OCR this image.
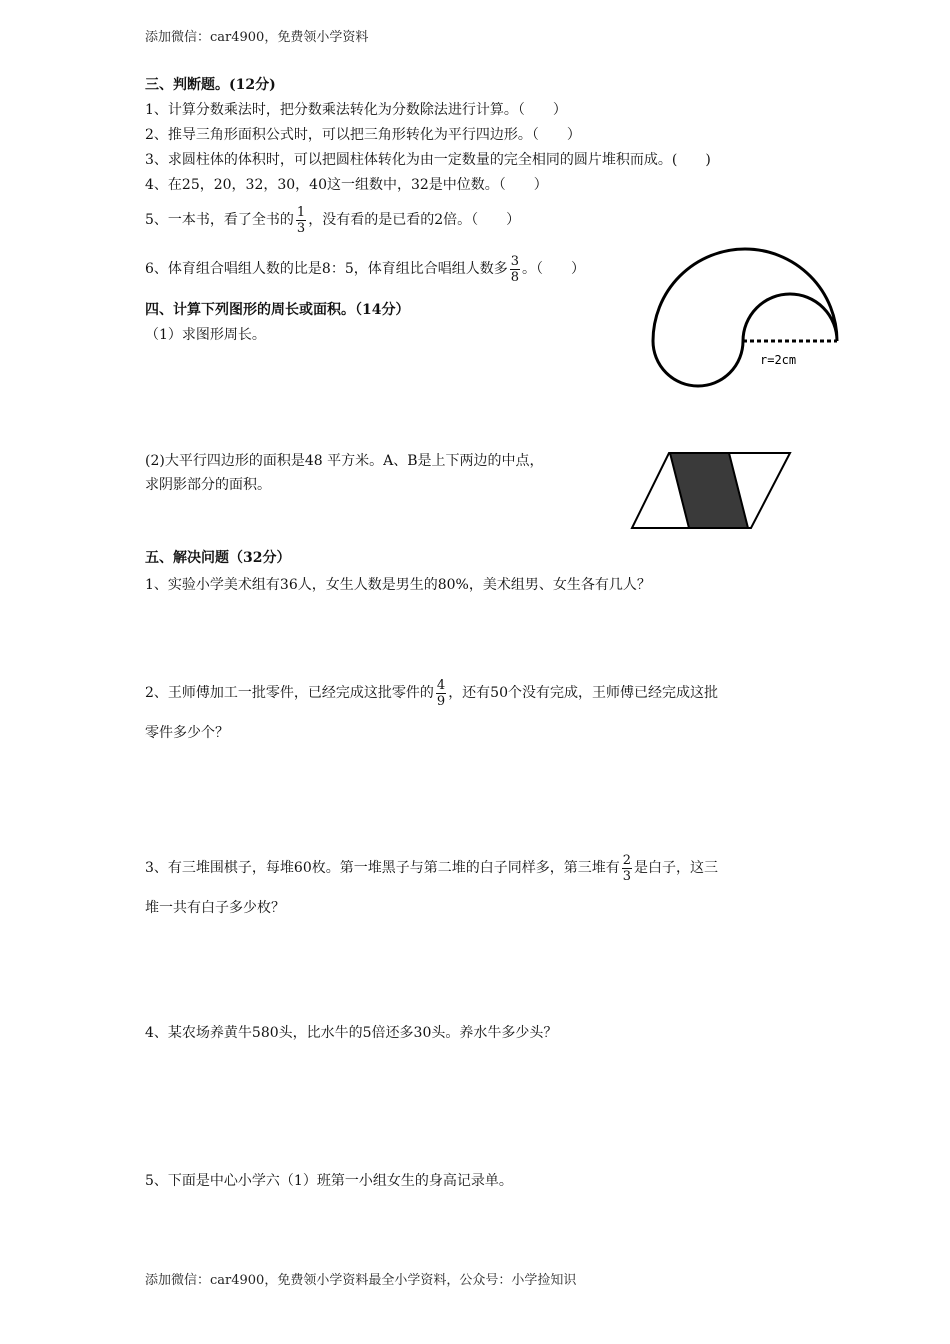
添加微信：car4900，免费领小学资料
三、判断题。(12分)
1、计算分数乘法时，把分数乘法转化为分数除法进行计算。（　　）
2、推导三角形面积公式时，可以把三角形转化为平行四边形。（　　）
3、求圆柱体的体积时，可以把圆柱体转化为由一定数量的完全相同的圆片堆积而成。(　　)
4、在25，20，32，30，40这一组数中，32是中位数。（　　）
5、一本书，看了全书的 $\frac{1}{3}$ ，没有看的是已看的2倍。（　　）
6、体育组合唱组人数的比是8：5，体育组比合唱组人数多 $\frac{3}{8}$ 。（　　）
四、计算下列图形的周长或面积。（14分）
（1）求图形周长。
r=2cm
(2)大平行四边形的面积是48 平方米。A、B是上下两边的中点，
求阴影部分的面积。
五、解决问题（32分）
1、实验小学美术组有36人，女生人数是男生的80%，美术组男、女生各有几人？
2、王师傅加工一批零件，已经完成这批零件的 $\frac{4}{9}$ ，还有50个没有完成，王师傅已经完成这批
零件多少个？
3、有三堆围棋子，每堆60枚。第一堆黑子与第二堆的白子同样多，第三堆有 $\frac{2}{3}$ 是白子，这三
堆一共有白子多少枚？
4、某农场养黄牛580头，比水牛的5倍还多30头。养水牛多少头？
5、下面是中心小学六（1）班第一小组女生的身高记录单。
添加微信：car4900，免费领小学资料最全小学资料，公众号：小学捡知识
